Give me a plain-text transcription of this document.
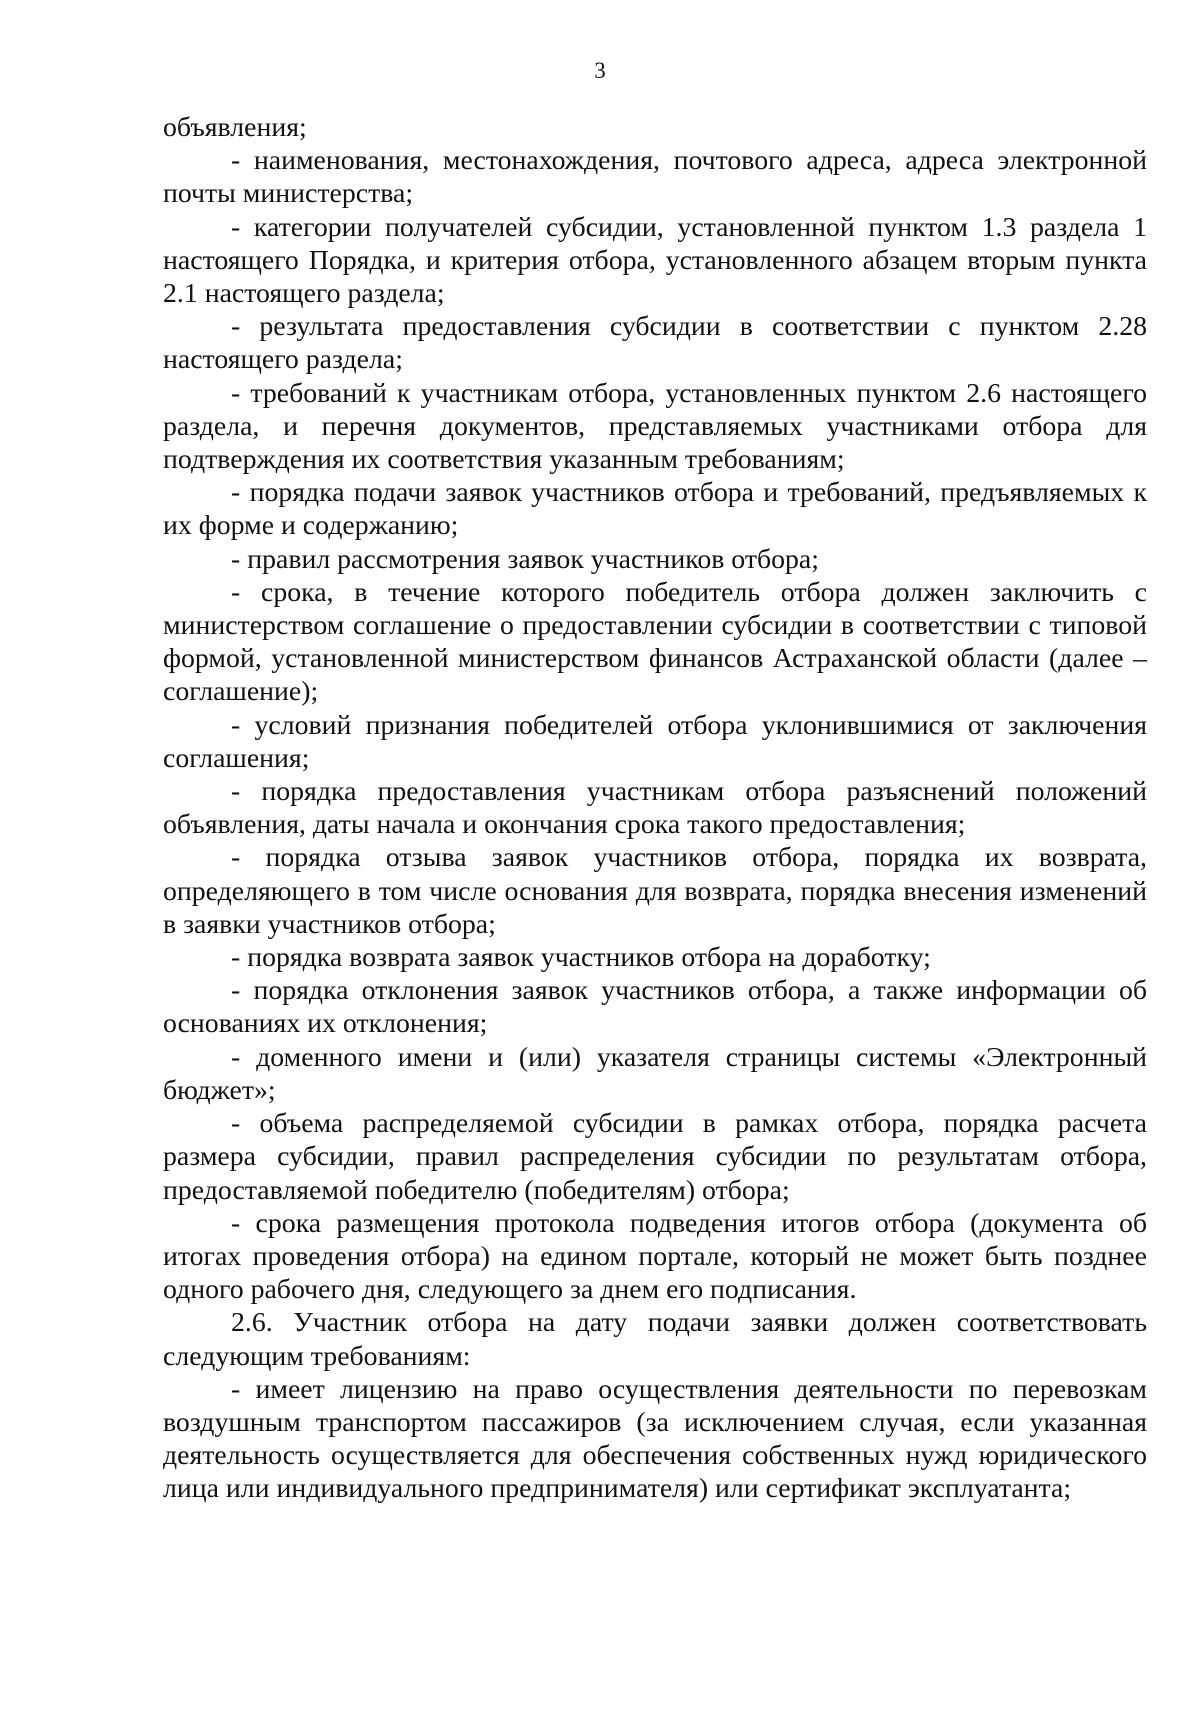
3

объявления;

- наименования, местонахождения, почтового адреса, адреса электронной почты министерства;

- категории получателей субсидии, установленной пунктом 1.3 раздела 1 настоящего Порядка, и критерия отбора, установленного абзацем вторым пункта 2.1 настоящего раздела;

- результата предоставления субсидии в соответствии с пунктом 2.28 настоящего раздела;

- требований к участникам отбора, установленных пунктом 2.6 настоящего раздела, и перечня документов, представляемых участниками отбора для подтверждения их соответствия указанным требованиям;

- порядка подачи заявок участников отбора и требований, предъявляемых к их форме и содержанию;

- правил рассмотрения заявок участников отбора;

- срока, в течение которого победитель отбора должен заключить с министерством соглашение о предоставлении субсидии в соответствии с типовой формой, установленной министерством финансов Астраханской области (далее – соглашение);

- условий признания победителей отбора уклонившимися от заключения соглашения;

- порядка предоставления участникам отбора разъяснений положений объявления, даты начала и окончания срока такого предоставления;

- порядка отзыва заявок участников отбора, порядка их возврата, определяющего в том числе основания для возврата, порядка внесения изменений в заявки участников отбора;

- порядка возврата заявок участников отбора на доработку;

- порядка отклонения заявок участников отбора, а также информации об основаниях их отклонения;

- доменного имени и (или) указателя страницы системы «Электронный бюджет»;

- объема распределяемой субсидии в рамках отбора, порядка расчета размера субсидии, правил распределения субсидии по результатам отбора, предоставляемой победителю (победителям) отбора;

- срока размещения протокола подведения итогов отбора (документа об итогах проведения отбора) на едином портале, который не может быть позднее одного рабочего дня, следующего за днем его подписания.

2.6. Участник отбора на дату подачи заявки должен соответствовать следующим требованиям:

- имеет лицензию на право осуществления деятельности по перевозкам воздушным транспортом пассажиров (за исключением случая, если указанная деятельность осуществляется для обеспечения собственных нужд юридического лица или индивидуального предпринимателя) или сертификат эксплуатанта;
